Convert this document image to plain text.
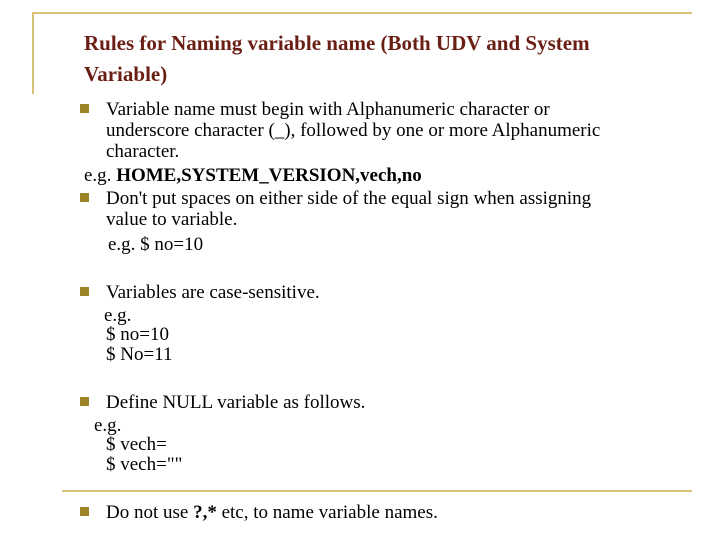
Rules for Naming variable name (Both UDV and System Variable)

Variable name must begin with Alphanumeric character or

underscore character (_), followed by one or more Alphanumeric

character.

e.g. HOME,SYSTEM_VERSION,vech,no

Don't put spaces on either side of the equal sign when assigning

value to variable.

e.g. $ no=10

Variables are case-sensitive.

e.g.

$ no=10

$ No=11

Define NULL variable as follows.

e.g.

$ vech=

$ vech=""

Do not use ?,* etc, to name variable names.
